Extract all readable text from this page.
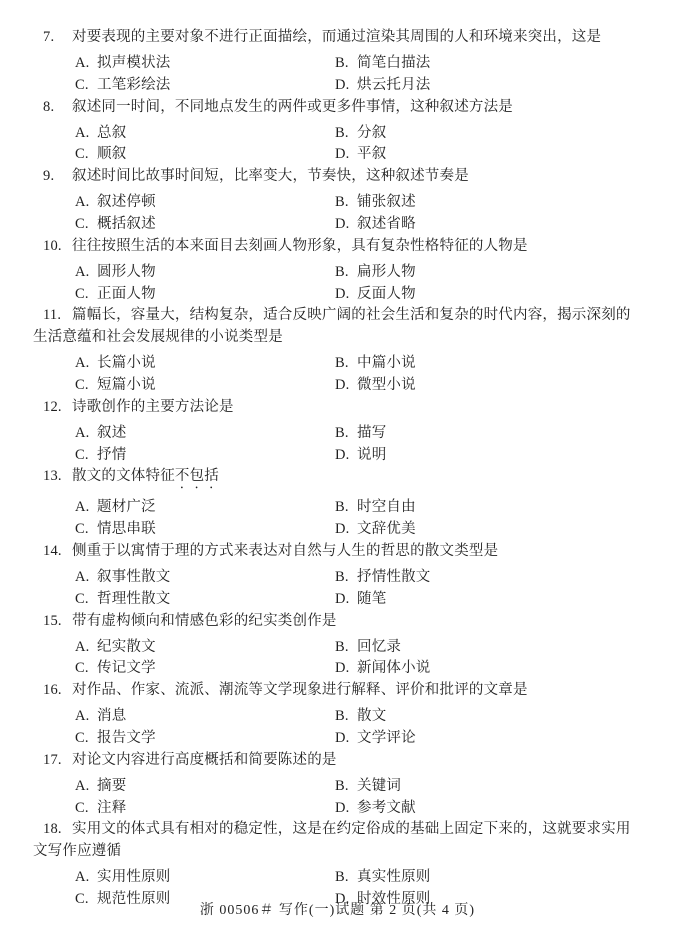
7. 对要表现的主要对象不进行正面描绘，而通过渲染其周围的人和环境来突出，这是

A. 拟声模状法	B. 简笔白描法
C. 工笔彩绘法	D. 烘云托月法

8. 叙述同一时间，不同地点发生的两件或更多件事情，这种叙述方法是

A. 总叙	B. 分叙
C. 顺叙	D. 平叙

9. 叙述时间比故事时间短，比率变大，节奏快，这种叙述节奏是

A. 叙述停顿	B. 铺张叙述
C. 概括叙述	D. 叙述省略

10. 往往按照生活的本来面目去刻画人物形象，具有复杂性格特征的人物是

A. 圆形人物	B. 扁形人物
C. 正面人物	D. 反面人物

11. 篇幅长，容量大，结构复杂，适合反映广阔的社会生活和复杂的时代内容，揭示深刻的生活意蕴和社会发展规律的小说类型是

A. 长篇小说	B. 中篇小说
C. 短篇小说	D. 微型小说

12. 诗歌创作的主要方法论是

A. 叙述	B. 描写
C. 抒情	D. 说明

13. 散文的文体特征不包括

A. 题材广泛	B. 时空自由
C. 情思串联	D. 文辞优美

14. 侧重于以寓情于理的方式来表达对自然与人生的哲思的散文类型是

A. 叙事性散文	B. 抒情性散文
C. 哲理性散文	D. 随笔

15. 带有虚构倾向和情感色彩的纪实类创作是

A. 纪实散文	B. 回忆录
C. 传记文学	D. 新闻体小说

16. 对作品、作家、流派、潮流等文学现象进行解释、评价和批评的文章是

A. 消息	B. 散文
C. 报告文学	D. 文学评论

17. 对论文内容进行高度概括和简要陈述的是

A. 摘要	B. 关键词
C. 注释	D. 参考文献

18. 实用文的体式具有相对的稳定性，这是在约定俗成的基础上固定下来的，这就要求实用文写作应遵循

A. 实用性原则	B. 真实性原则
C. 规范性原则	D. 时效性原则
浙 00506＃ 写作(一)试题 第 2 页(共 4 页)
